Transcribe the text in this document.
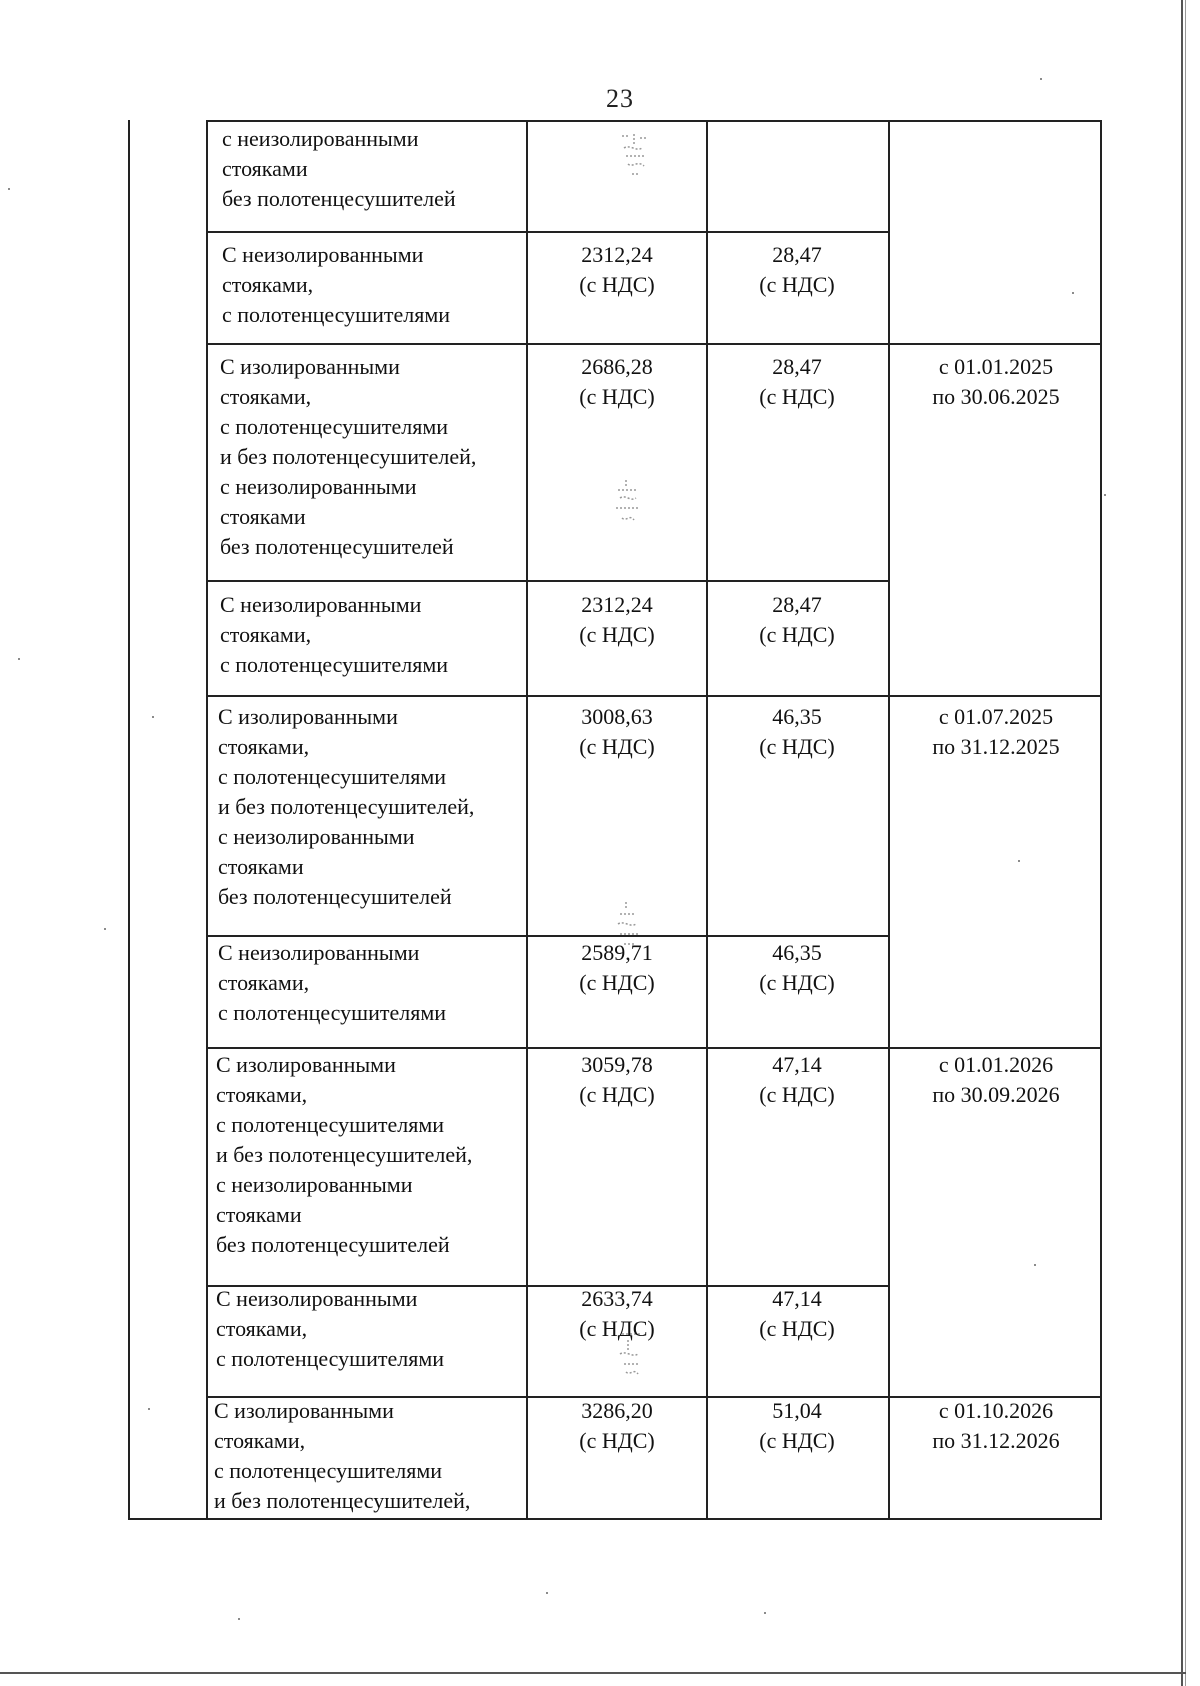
23
с неизолированными
стояками
без полотенцесушителей
С неизолированными
стояками,
с полотенцесушителями
2312,24
(с НДС)
28,47
(с НДС)
С изолированными
стояками,
с полотенцесушителями
и без полотенцесушителей,
с неизолированными
стояками
без полотенцесушителей
2686,28
(с НДС)
28,47
(с НДС)
с 01.01.2025
по 30.06.2025
С неизолированными
стояками,
с полотенцесушителями
2312,24
(с НДС)
28,47
(с НДС)
С изолированными
стояками,
с полотенцесушителями
и без полотенцесушителей,
с неизолированными
стояками
без полотенцесушителей
3008,63
(с НДС)
46,35
(с НДС)
с 01.07.2025
по 31.12.2025
С неизолированными
стояками,
с полотенцесушителями
2589,71
(с НДС)
46,35
(с НДС)
С изолированными
стояками,
с полотенцесушителями
и без полотенцесушителей,
с неизолированными
стояками
без полотенцесушителей
3059,78
(с НДС)
47,14
(с НДС)
с 01.01.2026
по 30.09.2026
С неизолированными
стояками,
с полотенцесушителями
2633,74
(с НДС)
47,14
(с НДС)
С изолированными
стояками,
с полотенцесушителями
и без полотенцесушителей,
3286,20
(с НДС)
51,04
(с НДС)
с 01.10.2026
по 31.12.2026
